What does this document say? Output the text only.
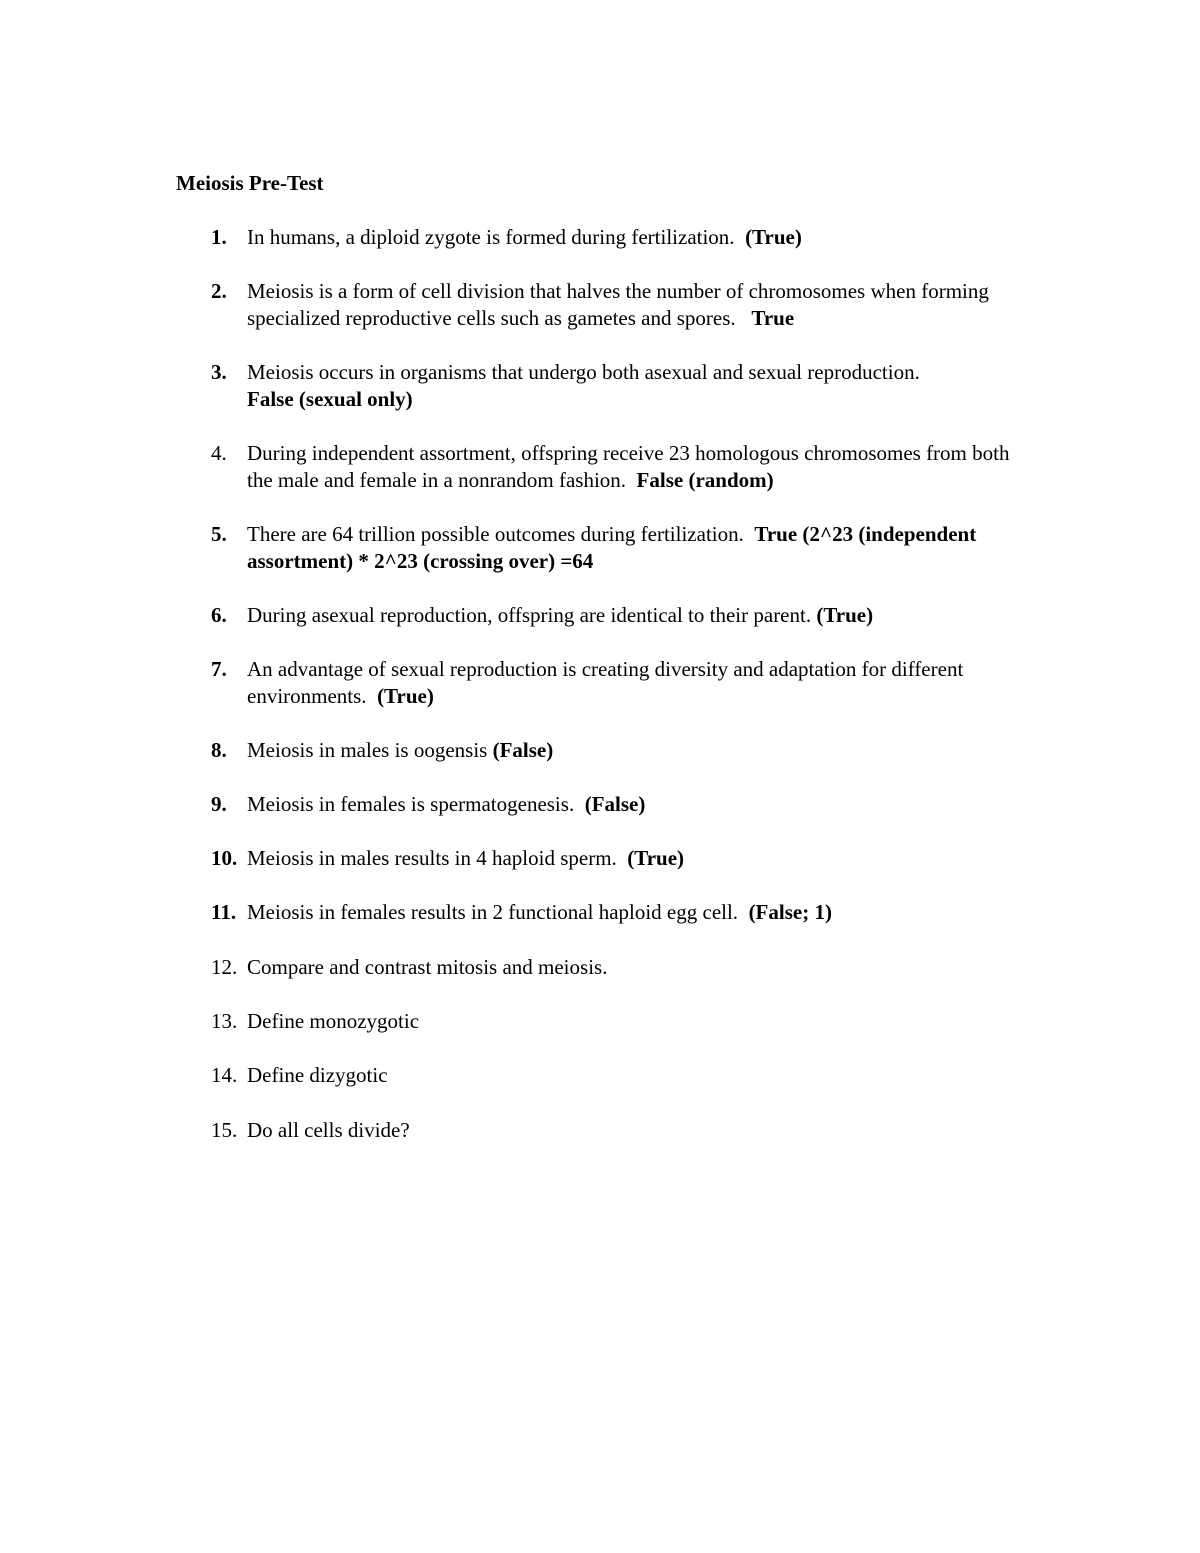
Meiosis Pre-Test
1. In humans, a diploid zygote is formed during fertilization.  (True)
2. Meiosis is a form of cell division that halves the number of chromosomes when forming specialized reproductive cells such as gametes and spores.   True
3. Meiosis occurs in organisms that undergo both asexual and sexual reproduction.
False (sexual only)
4. During independent assortment, offspring receive 23 homologous chromosomes from both the male and female in a nonrandom fashion.  False (random)
5. There are 64 trillion possible outcomes during fertilization.  True (2^23 (independent assortment) * 2^23 (crossing over) =64
6. During asexual reproduction, offspring are identical to their parent. (True)
7. An advantage of sexual reproduction is creating diversity and adaptation for different environments.  (True)
8. Meiosis in males is oogensis (False)
9. Meiosis in females is spermatogenesis.  (False)
10. Meiosis in males results in 4 haploid sperm.  (True)
11. Meiosis in females results in 2 functional haploid egg cell.  (False; 1)
12. Compare and contrast mitosis and meiosis.
13. Define monozygotic
14. Define dizygotic
15. Do all cells divide?
